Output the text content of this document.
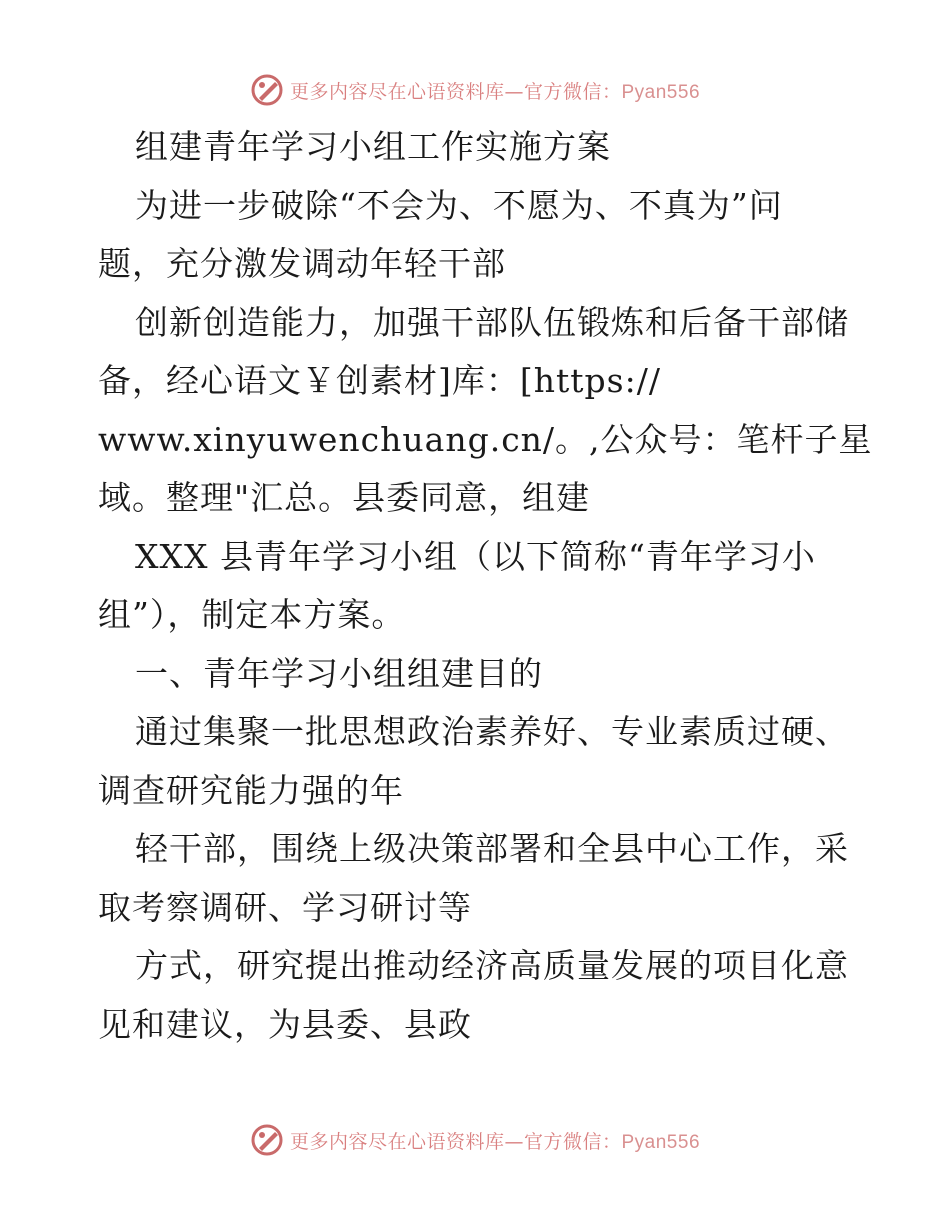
更多内容尽在心语资料库—官方微信：Pyan556
组建青年学习小组工作实施方案
为进一步破除“不会为、不愿为、不真为”问
题，充分激发调动年轻干部
创新创造能力，加强干部队伍锻炼和后备干部储
备，经心语文￥创素材]库：[https://
www.xinyuwenchuang.cn/。,公众号：笔杆子星
域。整理"汇总。县委同意，组建
XXX 县青年学习小组（以下简称“青年学习小
组”），制定本方案。
一、青年学习小组组建目的
通过集聚一批思想政治素养好、专业素质过硬、
调查研究能力强的年
轻干部，围绕上级决策部署和全县中心工作，采
取考察调研、学习研讨等
方式，研究提出推动经济高质量发展的项目化意
见和建议，为县委、县政
更多内容尽在心语资料库—官方微信：Pyan556
